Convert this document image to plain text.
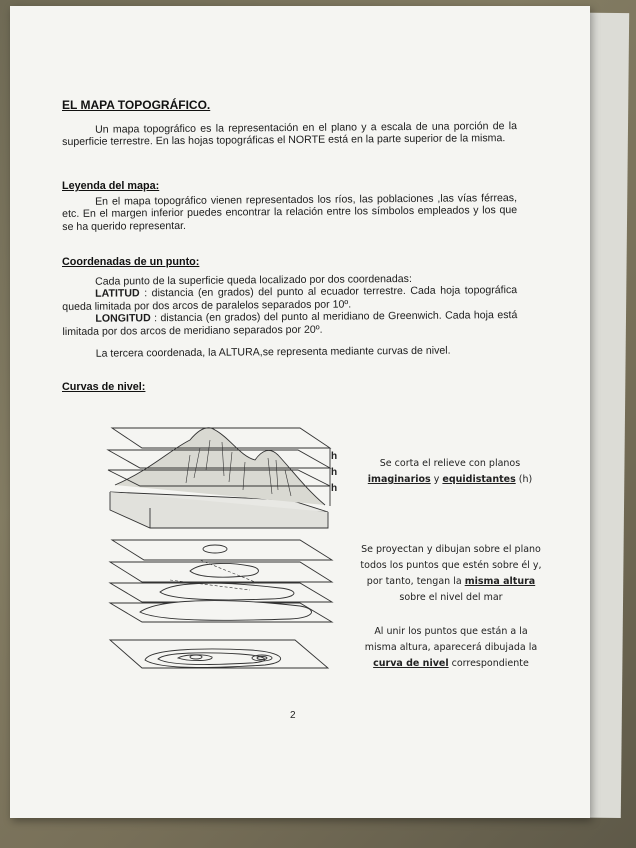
EL MAPA TOPOGRÁFICO.

Un mapa topográfico es la representación en el plano y a escala de una porción de la superficie terrestre. En las hojas topográficas el NORTE está en la parte superior de la misma.

Leyenda del mapa:

En el mapa topográfico vienen representados los ríos, las poblaciones ,las vías férreas, etc. En el margen inferior puedes encontrar la relación entre los símbolos empleados y los que se ha querido representar.

Coordenadas de un punto:

Cada punto de la superficie queda localizado por dos coordenadas:

LATITUD : distancia (en grados) del punto al ecuador terrestre. Cada hoja topográfica queda limitada por dos arcos de paralelos separados por 10º.

LONGITUD : distancia (en grados) del punto al meridiano de Greenwich. Cada hoja está limitada por dos arcos de meridiano separados por 20º.

La tercera coordenada, la ALTURA,se representa mediante curvas de nivel.

Curvas de nivel:
h
h
h
Se corta el relieve con planos
imaginarios y equidistantes (h)
Se proyectan y dibujan sobre el plano todos los puntos que estén sobre él y, por tanto, tengan la misma altura sobre el nivel del mar
Al unir los puntos que están a la misma altura, aparecerá dibujada la curva de nivel correspondiente
2
